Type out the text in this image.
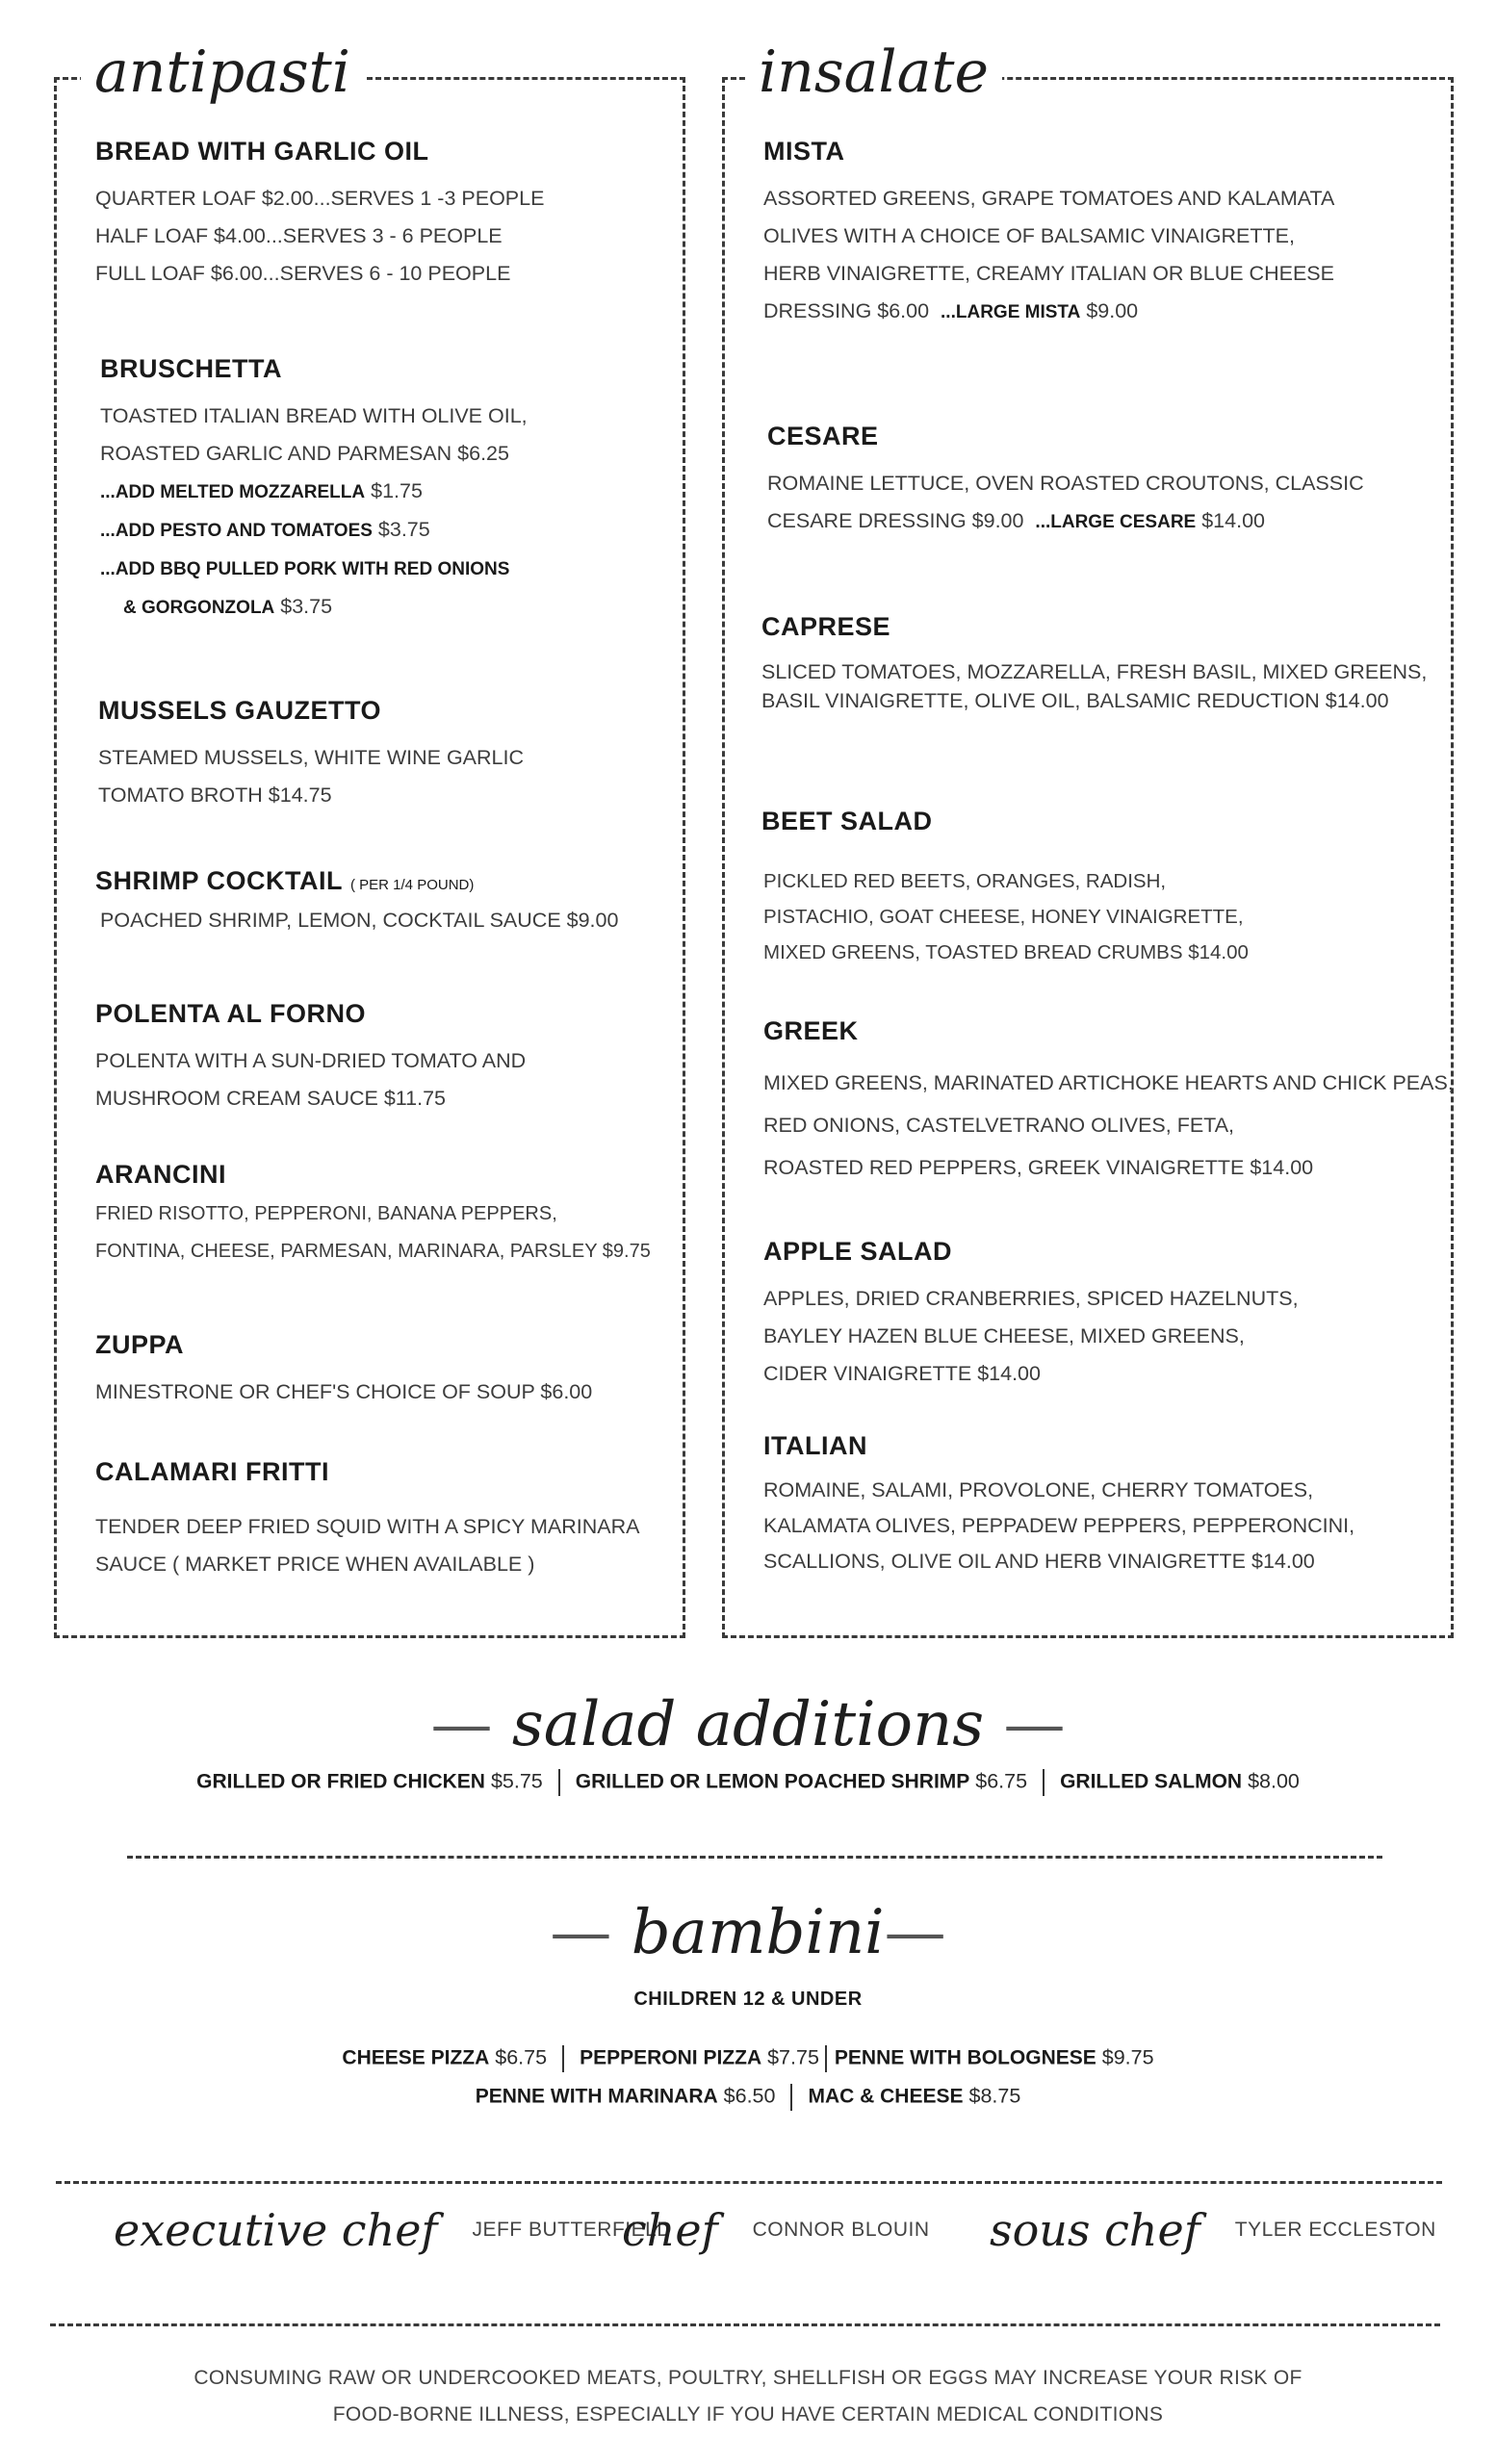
antipasti
BREAD WITH GARLIC OIL
QUARTER LOAF $2.00...SERVES 1 -3 PEOPLE
HALF LOAF $4.00...SERVES 3 - 6 PEOPLE
FULL LOAF $6.00...SERVES 6 - 10 PEOPLE
BRUSCHETTA
TOASTED ITALIAN BREAD WITH OLIVE OIL,
ROASTED GARLIC AND PARMESAN $6.25
...ADD MELTED MOZZARELLA $1.75
...ADD PESTO AND TOMATOES $3.75
...ADD BBQ PULLED PORK WITH RED ONIONS
& GORGONZOLA $3.75
MUSSELS GAUZETTO
STEAMED MUSSELS, WHITE WINE GARLIC
TOMATO BROTH $14.75
SHRIMP COCKTAIL ( PER 1/4 POUND)
POACHED SHRIMP, LEMON, COCKTAIL SAUCE $9.00
POLENTA AL FORNO
POLENTA WITH A SUN-DRIED TOMATO AND
MUSHROOM CREAM SAUCE $11.75
ARANCINI
FRIED RISOTTO, PEPPERONI, BANANA PEPPERS,
FONTINA, CHEESE, PARMESAN, MARINARA, PARSLEY $9.75
ZUPPA
MINESTRONE OR CHEF'S CHOICE OF SOUP $6.00
CALAMARI FRITTI
TENDER DEEP FRIED SQUID WITH A SPICY MARINARA
SAUCE ( MARKET PRICE WHEN AVAILABLE )
insalate
MISTA
ASSORTED GREENS, GRAPE TOMATOES AND KALAMATA
OLIVES WITH A CHOICE OF BALSAMIC VINAIGRETTE,
HERB VINAIGRETTE, CREAMY ITALIAN OR BLUE CHEESE
DRESSING $6.00 ...LARGE MISTA $9.00
CESARE
ROMAINE LETTUCE, OVEN ROASTED CROUTONS, CLASSIC
CESARE DRESSING $9.00 ...LARGE CESARE $14.00
CAPRESE
SLICED TOMATOES, MOZZARELLA, FRESH BASIL, MIXED GREENS,
BASIL VINAIGRETTE, OLIVE OIL, BALSAMIC REDUCTION $14.00
BEET SALAD
PICKLED RED BEETS, ORANGES, RADISH,
PISTACHIO, GOAT CHEESE, HONEY VINAIGRETTE,
MIXED GREENS, TOASTED BREAD CRUMBS $14.00
GREEK
MIXED GREENS, MARINATED ARTICHOKE HEARTS AND CHICK PEAS,
RED ONIONS, CASTELVETRANO OLIVES, FETA,
ROASTED RED PEPPERS, GREEK VINAIGRETTE $14.00
APPLE SALAD
APPLES, DRIED CRANBERRIES, SPICED HAZELNUTS,
BAYLEY HAZEN BLUE CHEESE, MIXED GREENS,
CIDER VINAIGRETTE $14.00
ITALIAN
ROMAINE, SALAMI, PROVOLONE, CHERRY TOMATOES,
KALAMATA OLIVES, PEPPADEW PEPPERS, PEPPERONCINI,
SCALLIONS, OLIVE OIL AND HERB VINAIGRETTE $14.00
— salad additions —
GRILLED OR FRIED CHICKEN $5.75 GRILLED OR LEMON POACHED SHRIMP $6.75 GRILLED SALMON $8.00
— bambini—
CHILDREN 12 & UNDER
CHEESE PIZZA $6.75 PEPPERONI PIZZA $7.75 PENNE WITH BOLOGNESE $9.75
PENNE WITH MARINARA $6.50 MAC & CHEESE $8.75
executive chef JEFF BUTTERFIELD
chef CONNOR BLOUIN sous chef TYLER ECCLESTON
CONSUMING RAW OR UNDERCOOKED MEATS, POULTRY, SHELLFISH OR EGGS MAY INCREASE YOUR RISK OF
FOOD-BORNE ILLNESS, ESPECIALLY IF YOU HAVE CERTAIN MEDICAL CONDITIONS
